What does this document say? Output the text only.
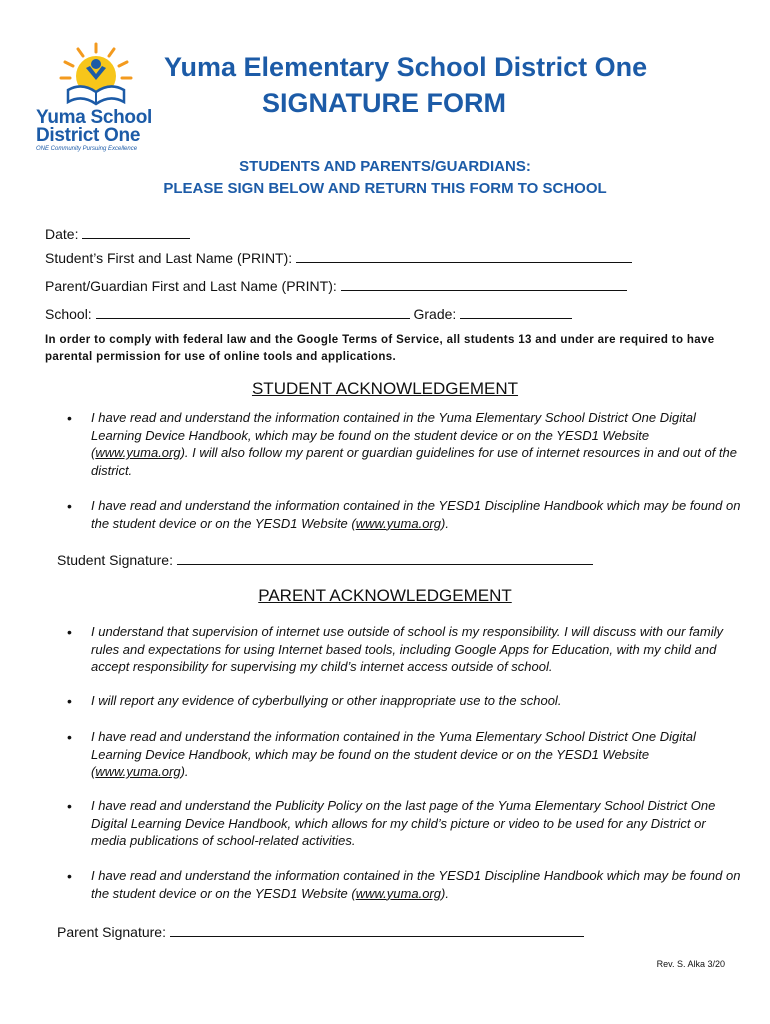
Yuma School
District One
ONE Community Pursuing Excellence
Yuma Elementary School District One
SIGNATURE FORM
STUDENTS AND PARENTS/GUARDIANS:
PLEASE SIGN BELOW AND RETURN THIS FORM TO SCHOOL
Date:
Student’s First and Last Name (PRINT):
Parent/Guardian First and Last Name (PRINT):
School:	Grade:
In order to comply with federal law and the Google Terms of Service, all students 13 and under are required to have parental permission for use of online tools and applications.
STUDENT ACKNOWLEDGEMENT
• I have read and understand the information contained in the Yuma Elementary School District One Digital Learning Device Handbook, which may be found on the student device or on the YESD1 Website (www.yuma.org). I will also follow my parent or guardian guidelines for use of internet resources in and out of the district.
• I have read and understand the information contained in the YESD1 Discipline Handbook which may be found on the student device or on the YESD1 Website (www.yuma.org).
Student Signature:
PARENT ACKNOWLEDGEMENT
• I understand that supervision of internet use outside of school is my responsibility. I will discuss with our family rules and expectations for using Internet based tools, including Google Apps for Education, with my child and accept responsibility for supervising my child’s internet access outside of school.
• I will report any evidence of cyberbullying or other inappropriate use to the school.
• I have read and understand the information contained in the Yuma Elementary School District One Digital Learning Device Handbook, which may be found on the student device or on the YESD1 Website (www.yuma.org).
• I have read and understand the Publicity Policy on the last page of the Yuma Elementary School District One Digital Learning Device Handbook, which allows for my child’s picture or video to be used for any District or media publications of school-related activities.
• I have read and understand the information contained in the YESD1 Discipline Handbook which may be found on the student device or on the YESD1 Website (www.yuma.org).
Parent Signature:
Rev. S. Alka 3/20
